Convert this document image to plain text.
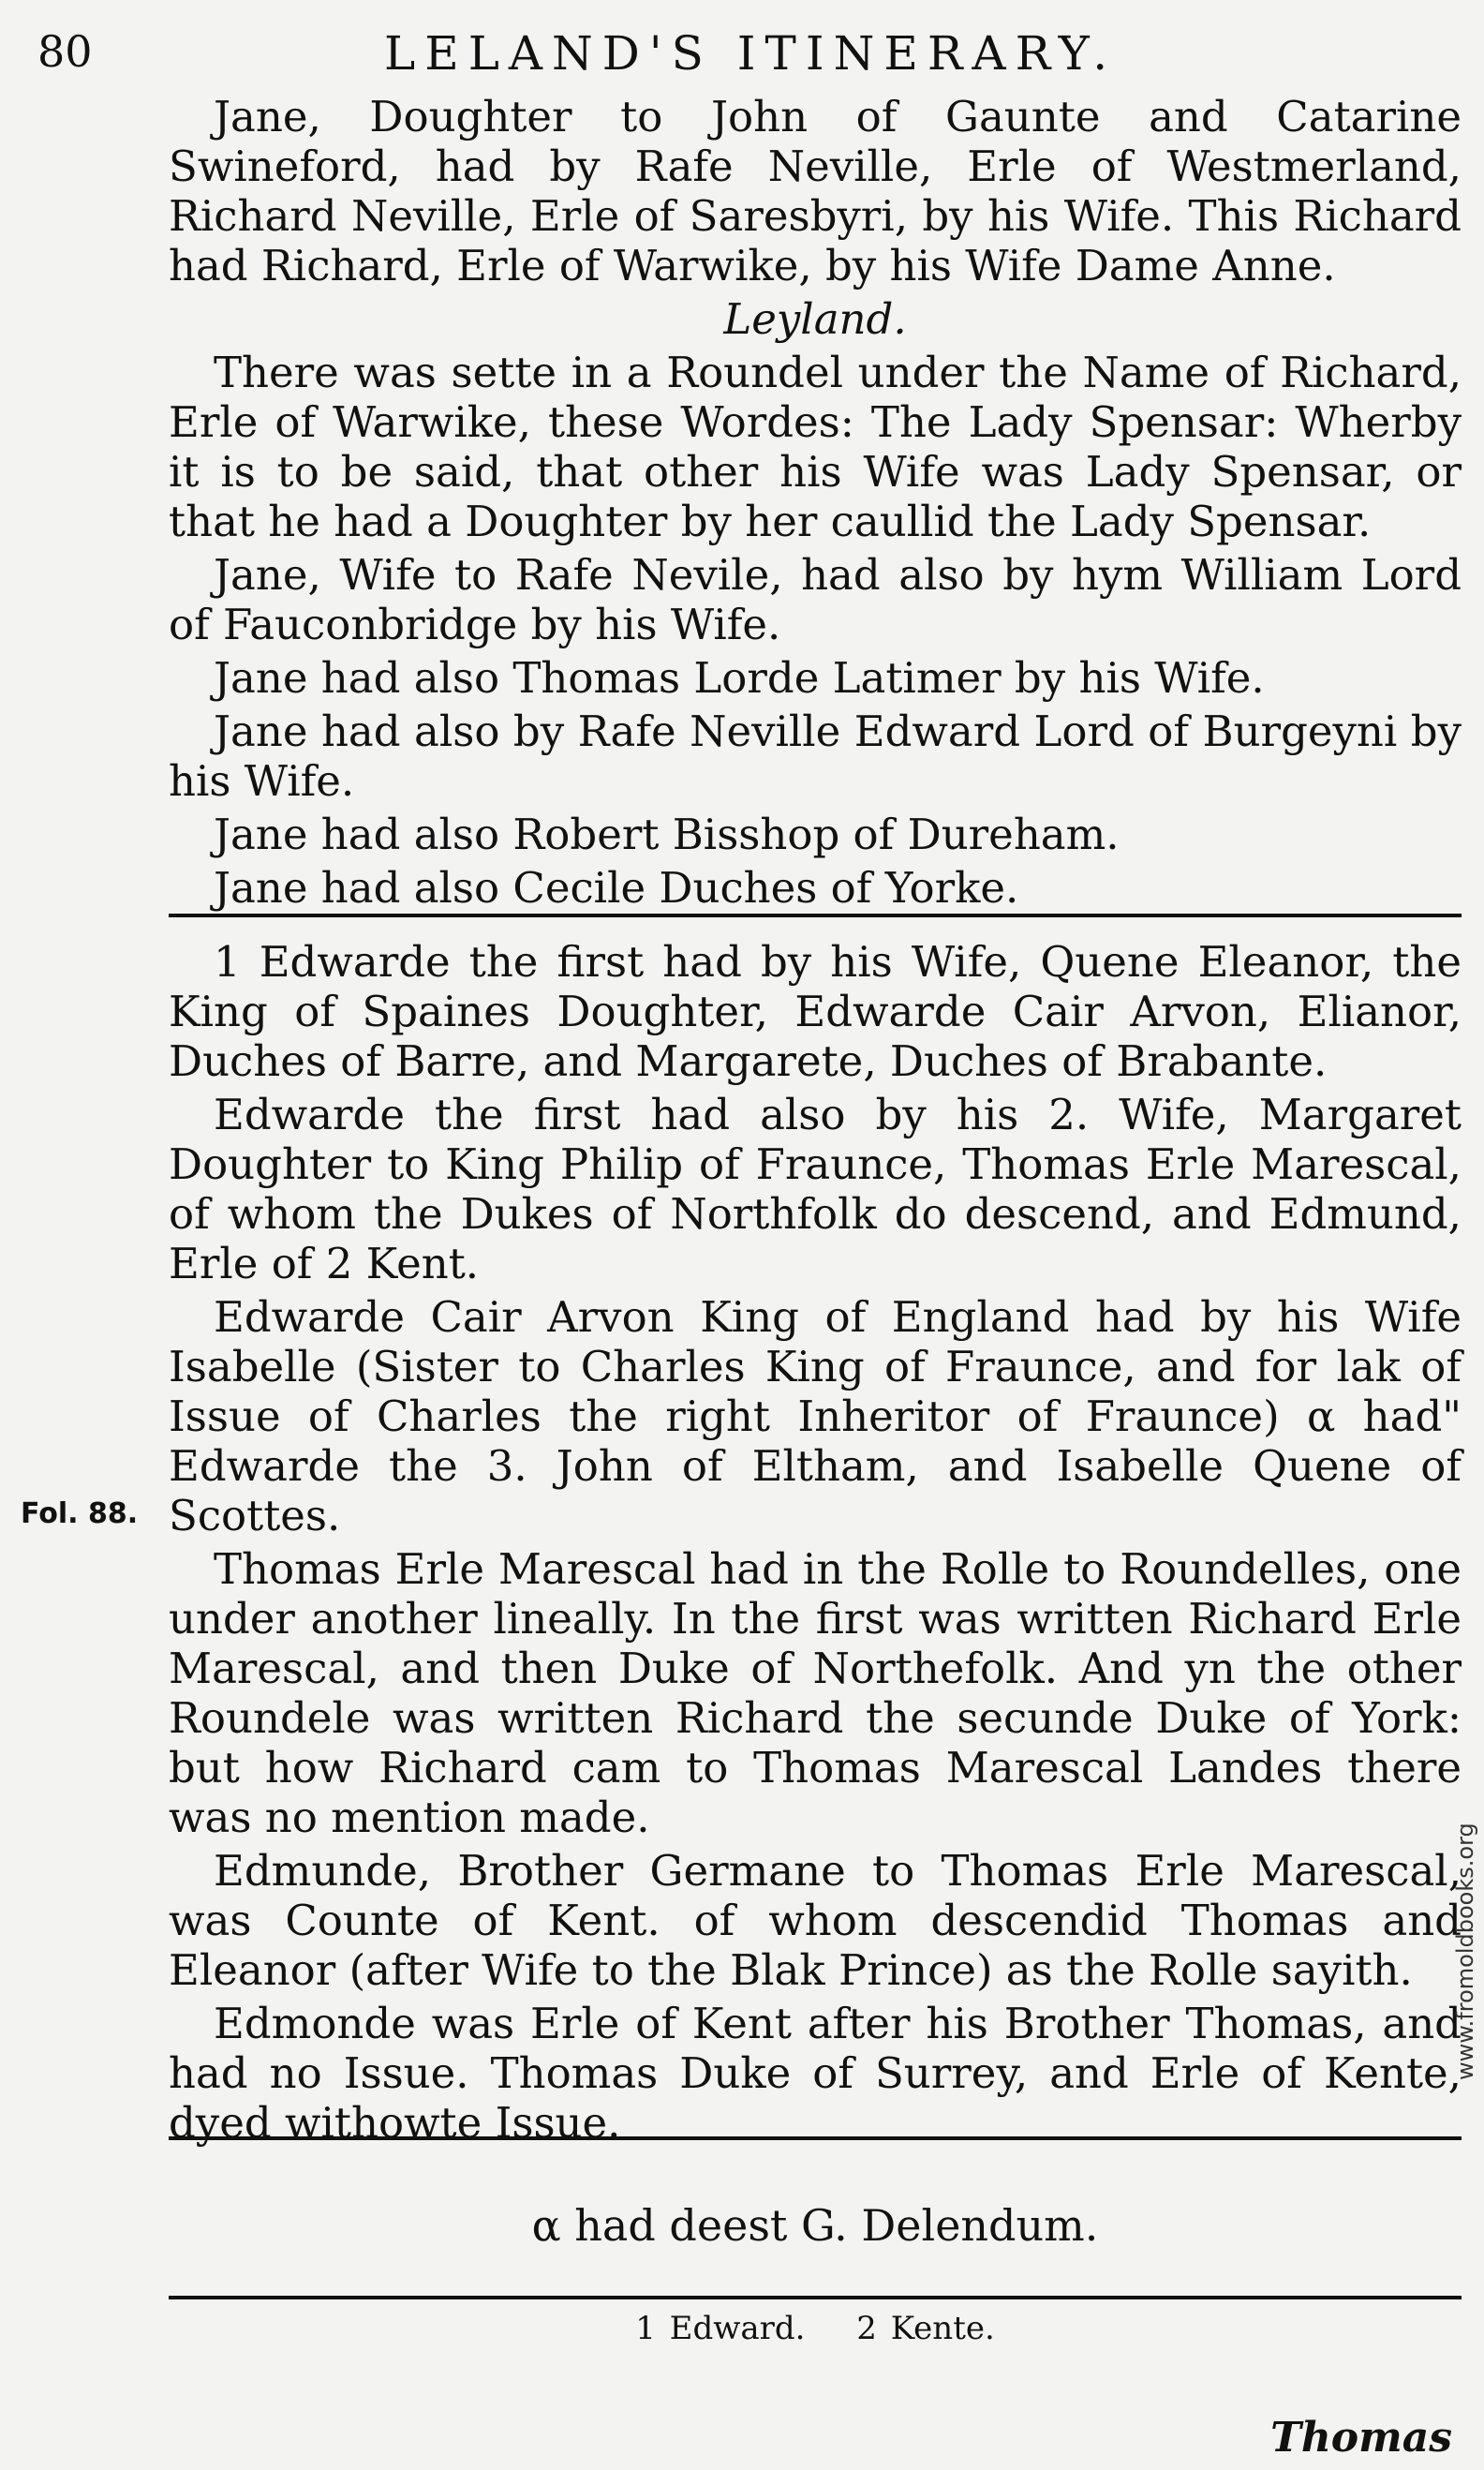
80	LELAND'S ITINERARY.

Jane, Doughter to John of Gaunte and Catarine Swineford, had by Rafe Neville, Erle of Westmerland, Richard Neville, Erle of Saresbyri, by his Wife. This Richard had Richard, Erle of Warwike, by his Wife Dame Anne.

Leyland.

There was sette in a Roundel under the Name of Richard, Erle of Warwike, these Wordes: The Lady Spensar: Wherby it is to be said, that other his Wife was Lady Spensar, or that he had a Doughter by her caullid the Lady Spensar.

Jane, Wife to Rafe Nevile, had also by hym William Lord of Fauconbridge by his Wife.

Jane had also Thomas Lorde Latimer by his Wife.

Jane had also by Rafe Neville Edward Lord of Burgeyni by his Wife.

Jane had also Robert Bisshop of Dureham.

Jane had also Cecile Duches of Yorke.

1 Edwarde the first had by his Wife, Quene Eleanor, the King of Spaines Doughter, Edwarde Cair Arvon, Elianor, Duches of Barre, and Margarete, Duches of Brabante.

Edwarde the first had also by his 2. Wife, Margaret Doughter to King Philip of Fraunce, Thomas Erle Marescal, of whom the Dukes of Northfolk do descend, and Edmund, Erle of 2 Kent.

Edwarde Cair Arvon King of England had by his Wife Isabelle (Sister to Charles King of Fraunce, and for lak of Issue of Charles the right Inheritor of Fraunce) α had" Edwarde the 3. John of Eltham, and Isabelle Quene of Scottes.

Thomas Erle Marescal had in the Rolle to Roundelles, one under another lineally. In the first was written Richard Erle Marescal, and then Duke of Northefolk. And yn the other Roundele was written Richard the secunde Duke of York: but how Richard cam to Thomas Marescal Landes there was no mention made.

Edmunde, Brother Germane to Thomas Erle Marescal, was Counte of Kent. of whom descendid Thomas and Eleanor (after Wife to the Blak Prince) as the Rolle sayith.

Edmonde was Erle of Kent after his Brother Thomas, and had no Issue. Thomas Duke of Surrey, and Erle of Kente, dyed withowte Issue.

Fol. 88.
α had deest G. Delendum.
1 Edward. 2 Kente.
Thomas
www.fromoldbooks.org
